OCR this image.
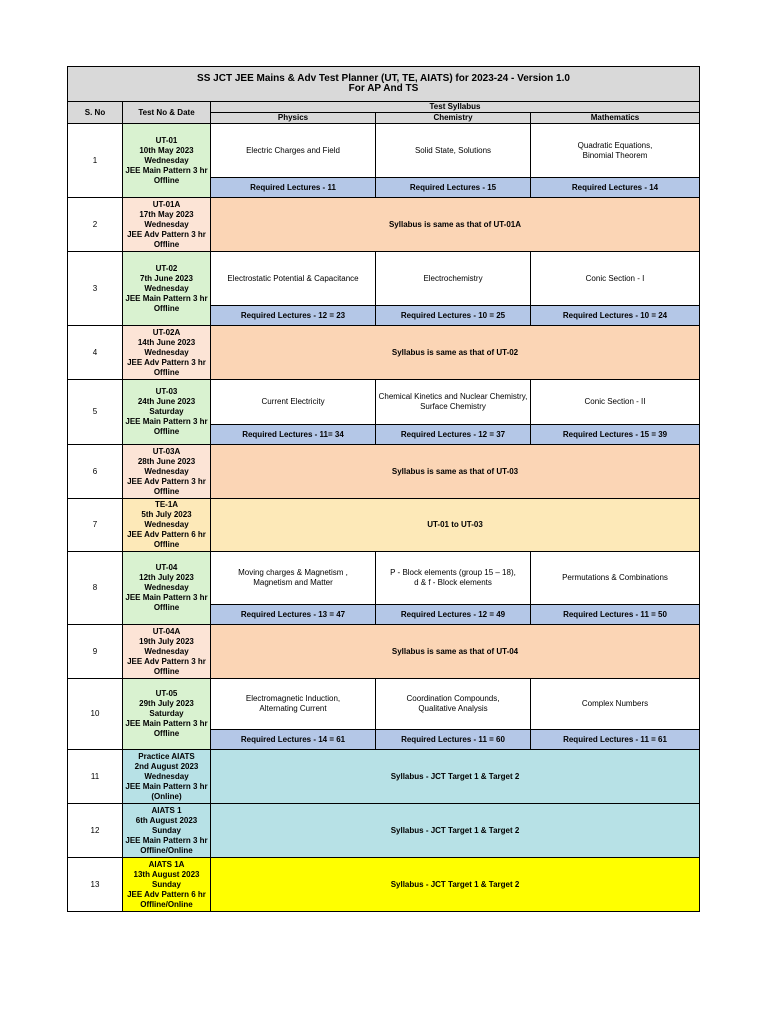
SS JCT JEE Mains & Adv Test Planner (UT, TE, AIATS) for 2023-24 - Version 1.0
For AP And TS				

S. No	Test No & Date	Test Syllabus		
		Physics	Chemistry	Mathematics
1	UT-01
10th May 2023
Wednesday
JEE Main Pattern 3 hr
Offline	Electric Charges and Field	Solid State, Solutions	Quadratic Equations,
Binomial Theorem

		Required Lectures - 11	Required Lectures - 15	Required Lectures - 14
2	UT-01A
17th May 2023
Wednesday
JEE Adv Pattern 3 hr
Offline	Syllabus is same as that of UT-01A		
3	UT-02
7th June 2023
Wednesday
JEE Main Pattern 3 hr
Offline	Electrostatic Potential & Capacitance	Electrochemistry	Conic Section - I

		Required Lectures - 12 = 23	Required Lectures - 10 = 25	Required Lectures - 10 = 24
4	UT-02A
14th June 2023
Wednesday
JEE Adv Pattern 3 hr
Offline	Syllabus is same as that of UT-02		
5	UT-03
24th June 2023
Saturday
JEE Main Pattern 3 hr
Offline	Current Electricity	Chemical Kinetics and Nuclear Chemistry,
Surface Chemistry	Conic Section - II

		Required Lectures - 11= 34	Required Lectures - 12 = 37	Required Lectures - 15 = 39
6	UT-03A
28th June 2023
Wednesday
JEE Adv Pattern 3 hr
Offline	Syllabus is same as that of UT-03		
7	TE-1A
5th July 2023
Wednesday
JEE Adv Pattern 6 hr
Offline	UT-01 to UT-03		
8	UT-04
12th July 2023
Wednesday
JEE Main Pattern 3 hr
Offline	Moving charges & Magnetism ,
Magnetism and Matter	P - Block elements (group 15 – 18),
d & f - Block elements	Permutations & Combinations

		Required Lectures - 13 = 47	Required Lectures - 12 = 49	Required Lectures - 11 = 50
9	UT-04A
19th July 2023
Wednesday
JEE Adv Pattern 3 hr
Offline	Syllabus is same as that of UT-04		
10	UT-05
29th July 2023
Saturday
JEE Main Pattern 3 hr
Offline	Electromagnetic Induction,
Alternating Current	Coordination Compounds,
Qualitative Analysis	Complex Numbers

		Required Lectures - 14 = 61	Required Lectures - 11 = 60	Required Lectures - 11 = 61
11	Practice AIATS
2nd August 2023
Wednesday
JEE Main Pattern 3 hr
(Online)	Syllabus - JCT Target 1 & Target 2		
12	AIATS 1
6th August 2023
Sunday
JEE Main Pattern 3 hr
Offline/Online	Syllabus - JCT Target 1 & Target 2		
13	AIATS 1A
13th August 2023
Sunday
JEE Adv Pattern 6 hr
Offline/Online	Syllabus - JCT Target 1 & Target 2		
